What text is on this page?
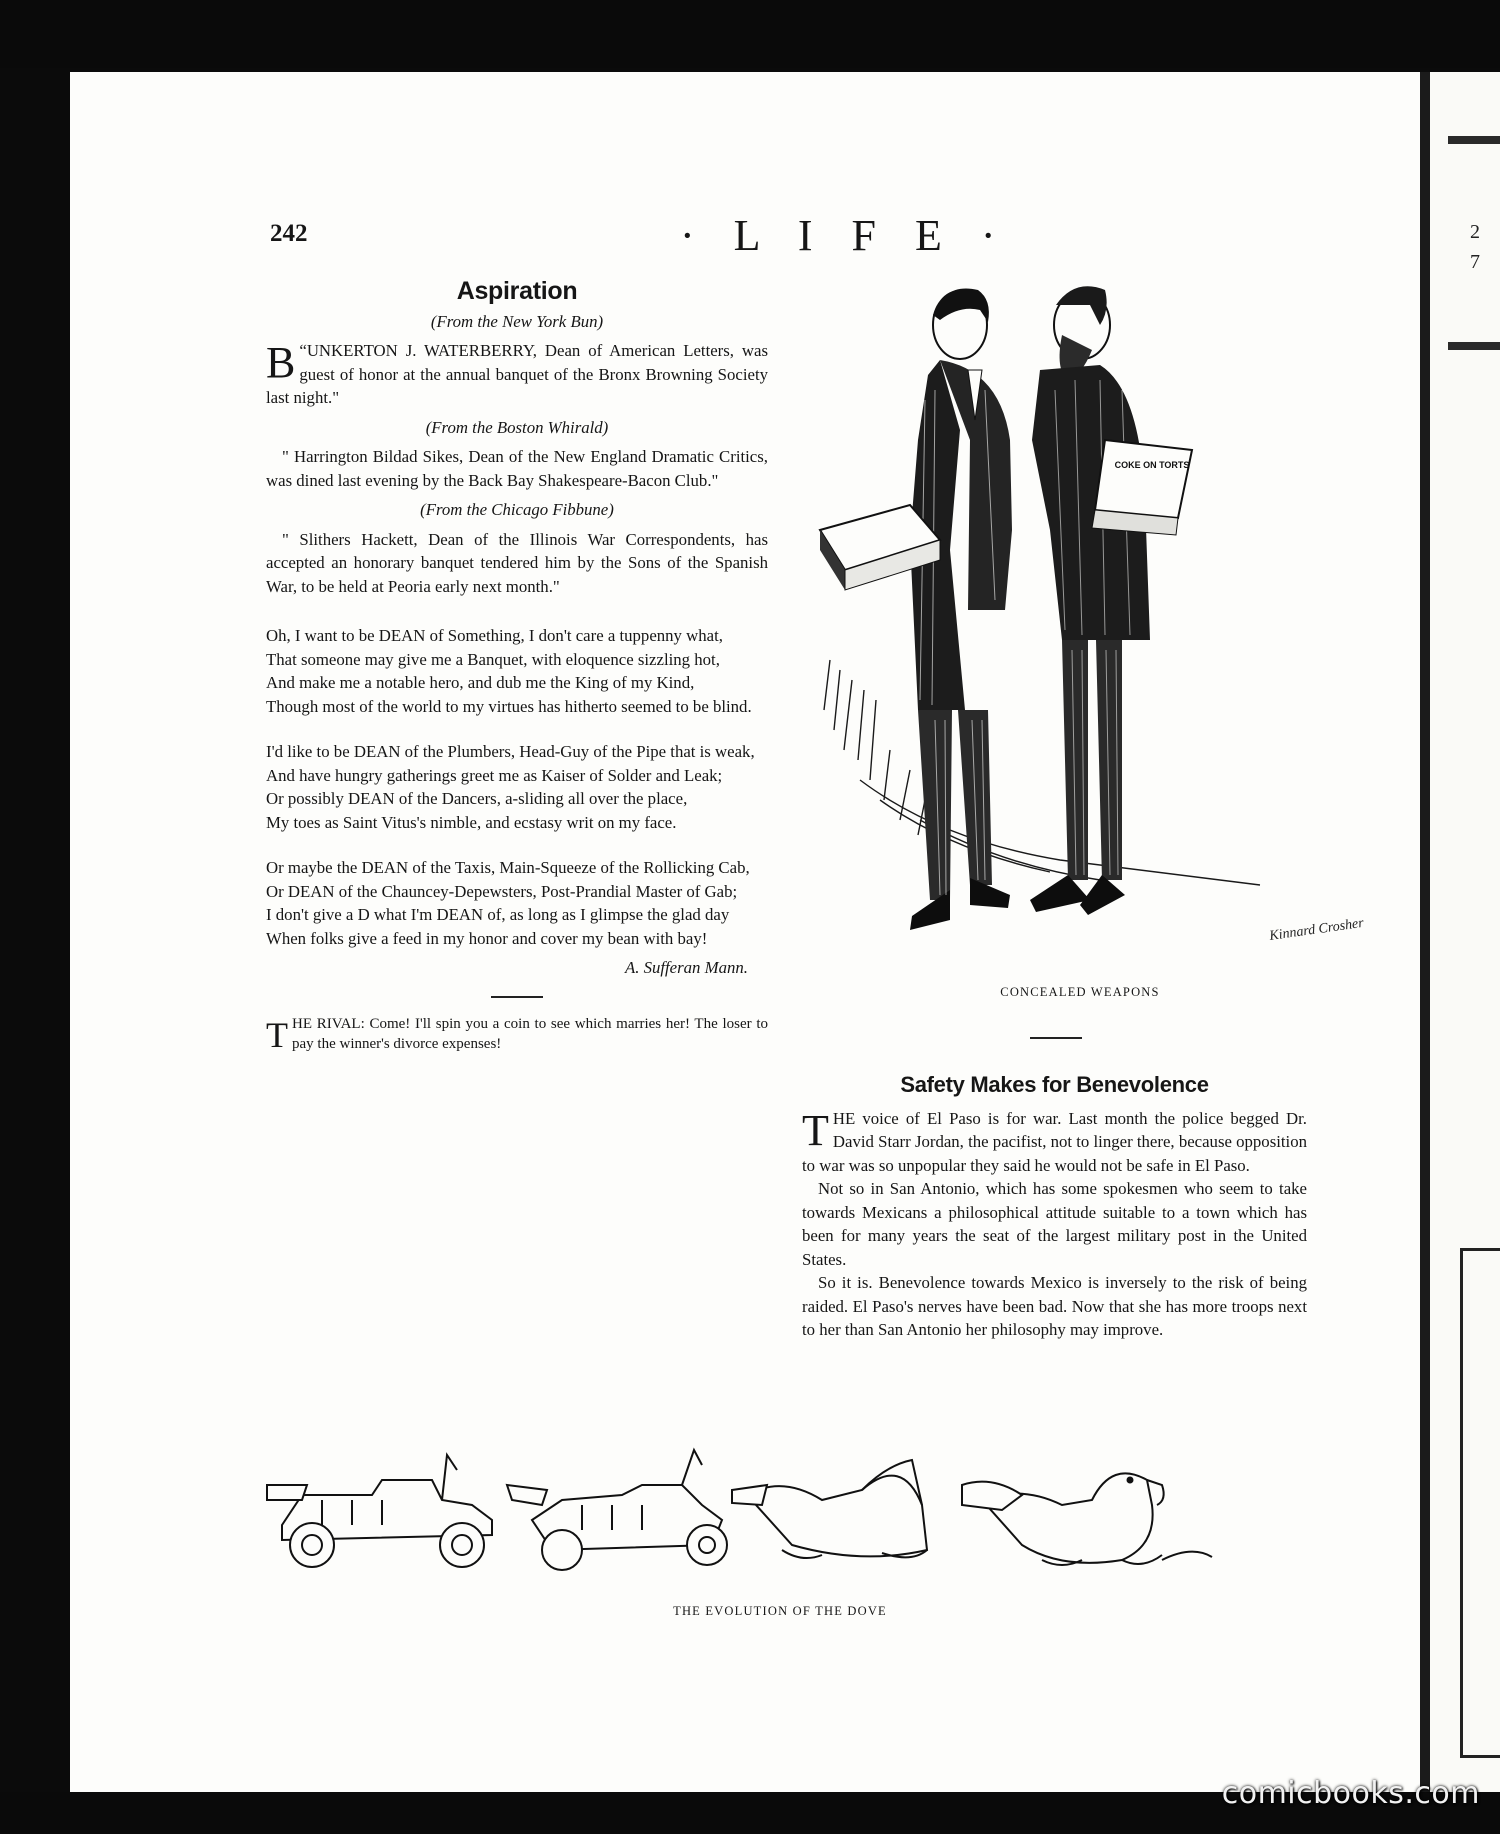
2
7
comicbooks.com
242	· L I F E ·
Aspiration

(From the New York Bun)

“
B UNKERTON J. WATERBERRY, Dean of American Letters, was guest of honor at the annual banquet of the Bronx Browning Society last night."

(From the Boston Whirald)

" Harrington Bildad Sikes, Dean of the New England Dramatic Critics, was dined last evening by the Back Bay Shakespeare-Bacon Club."

(From the Chicago Fibbune)

" Slithers Hackett, Dean of the Illinois War Correspondents, has accepted an honorary banquet tendered him by the Sons of the Spanish War, to be held at Peoria early next month."

Oh, I want to be DEAN of Something, I don't care a tuppenny what,

That someone may give me a Banquet, with eloquence sizzling hot,

And make me a notable hero, and dub me the King of my Kind,

Though most of the world to my virtues has hitherto seemed to be blind.

I'd like to be DEAN of the Plumbers, Head-Guy of the Pipe that is weak,

And have hungry gatherings greet me as Kaiser of Solder and Leak;

Or possibly DEAN of the Dancers, a-sliding all over the place,

My toes as Saint Vitus's nimble, and ecstasy writ on my face.

Or maybe the DEAN of the Taxis, Main-Squeeze of the Rollicking Cab,

Or DEAN of the Chauncey-Depewsters, Post-Prandial Master of Gab;

I don't give a D what I'm DEAN of, as long as I glimpse the glad day

When folks give a feed in my honor and cover my bean with bay!

A. Sufferan Mann.

THE RIVAL: Come! I'll spin you a coin to see which marries her! The loser to pay the winner's divorce expenses!

COKE ON TORTS
Kinnard Crosher
CONCEALED WEAPONS
Safety Makes for Benevolence

THE voice of El Paso is for war. Last month the police begged Dr. David Starr Jordan, the pacifist, not to linger there, because opposition to war was so unpopular they said he would not be safe in El Paso.

Not so in San Antonio, which has some spokesmen who seem to take towards Mexicans a philosophical attitude suitable to a town which has been for many years the seat of the largest military post in the United States.

So it is. Benevolence towards Mexico is inversely to the risk of being raided. El Paso's nerves have been bad. Now that she has more troops next to her than San Antonio her philosophy may improve.

THE EVOLUTION OF THE DOVE
